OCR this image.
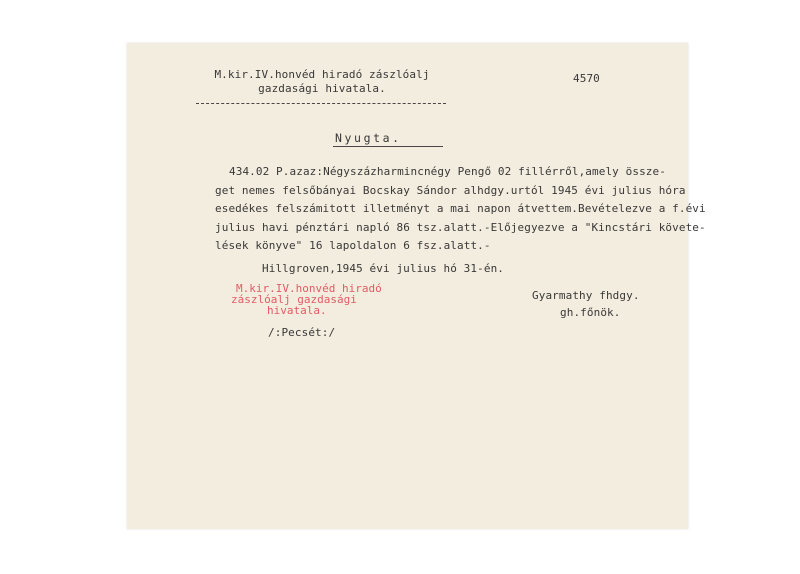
M.kir.IV.honvéd hiradó zászlóalj
gazdasági hivatala.
4570
Nyugta.
434.02 P.azaz:Négyszázharmincnégy Pengő 02 fillérről,amely össze-
get nemes felsőbányai Bocskay Sándor alhdgy.urtól 1945 évi julius hóra
esedékes felszámitott illetményt a mai napon átvettem.Bevételezve a f.évi
julius havi pénztári napló 86 tsz.alatt.-Előjegyezve a "Kincstári követe-
lések könyve" 16 lapoldalon 6 fsz.alatt.-
Hillgroven,1945 évi julius hó 31-én.
M.kir.IV.honvéd hiradó
zászlóalj gazdasági
hivatala.
/:Pecsét:/
Gyarmathy fhdgy.
gh.főnök.
